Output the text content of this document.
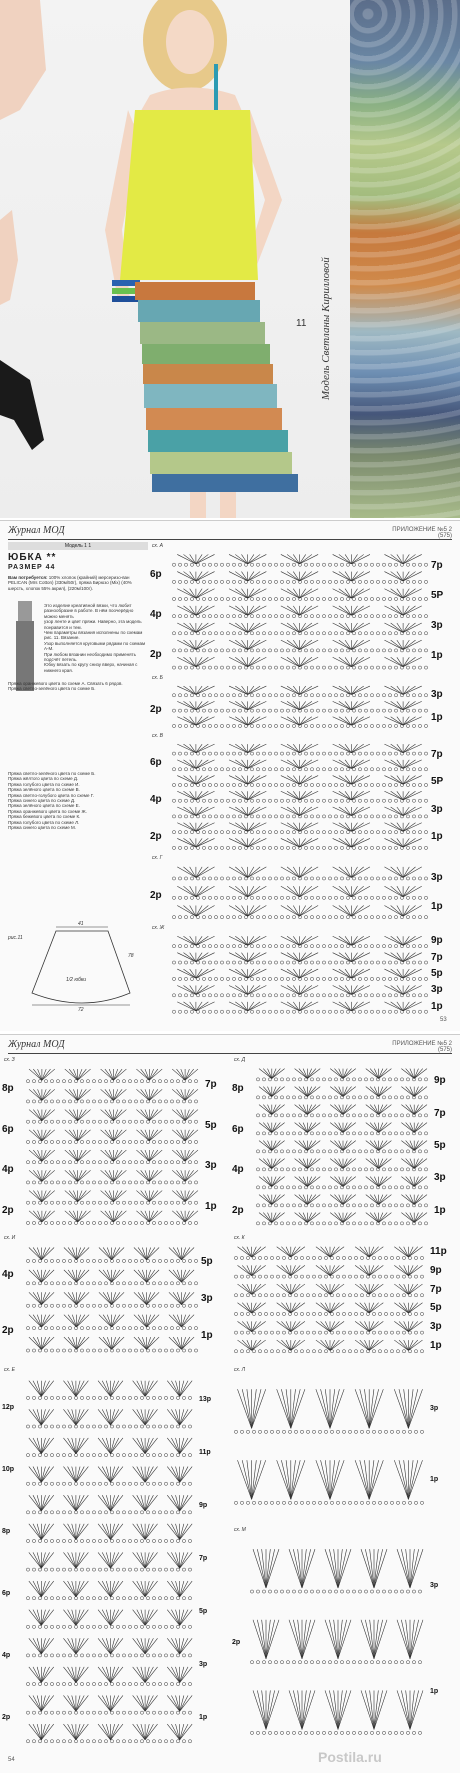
11 Модель Светланы Кирилловой
Журнал МОД	ПРИЛОЖЕНИЕ №5 2 (575)
Модель 1 1
ЮБКА **
РАЗМЕР 44
Вам потребуется: 100% хлопок (крайний) мерсеризо-ван PELICAN (Mrs Cotton) (330м/50г), пряжа Бирюзо (Mix) (40% шерсть, хлопок 55% акрил), (220м/100г).
Это изделие креативной вязки, что любит разнообразие в работе. В нём поочерёдно можно менять
узор ленте и цвет пряжи. Наверно, эта модель понравится и тем.
Чем параметры вязания исполнены по схемам рис. 11. Вязание.
Узор выполняется круговыми рядами по схемам А-М.
При любом вязании необходимо применять подсчёт петель.
Юбку вязать по кругу снизу вверх, начиная с нижнего края.
Пряжа оранжевого цвета по схеме А. Связать 6 рядов.
Пряжа светло-зелёного цвета по схеме Б.
Пряжа светло-зелёного цвета по схеме Б.
Пряжа жёлтого цвета по схеме Д.
Пряжа голубого цвета по схеме И.
Пряжа зелёного цвета по схеме В.
Пряжа светло-голубого цвета по схеме Г.
Пряжа синего цвета по схеме Д.
Пряжа зелёного цвета по схеме Е.
Пряжа оранжевого цвета по схеме Ж.
Пряжа бежевого цвета по схеме К.
Пряжа голубого цвета по схеме Л.
Пряжа синего цвета по схеме М.
рис.11
41
78
1/2 юбки
72
сх. А
7р
5Р
3р
1р
6р
4р
2р
сх. Б
3р
1р
2р
сх. В
7р
5Р
3р
1р
6р
4р
2р
сх. Г
3р
1р
2р
сх. Ж
9р
7р
5р
3р
1р
53
Журнал МОД	ПРИЛОЖЕНИЕ №5 2 (575)
сх. З
7р
5р
3р
1р
8р
6р
4р
2р
сх. Д
9р
7р
5р
3р
1р
8р
6р
4р
2р
сх. И
5р
3р
1р
4р
2р
сх. К
11р
9р
7р
5р
3р
1р
сх. Е
13р
11р
9р
7р
5р
3р
1р
12р
10р
8р
6р
4р
2р
сх. Л
3р
1р
сх. М
3р
1р
2р
54	Postila.ru
